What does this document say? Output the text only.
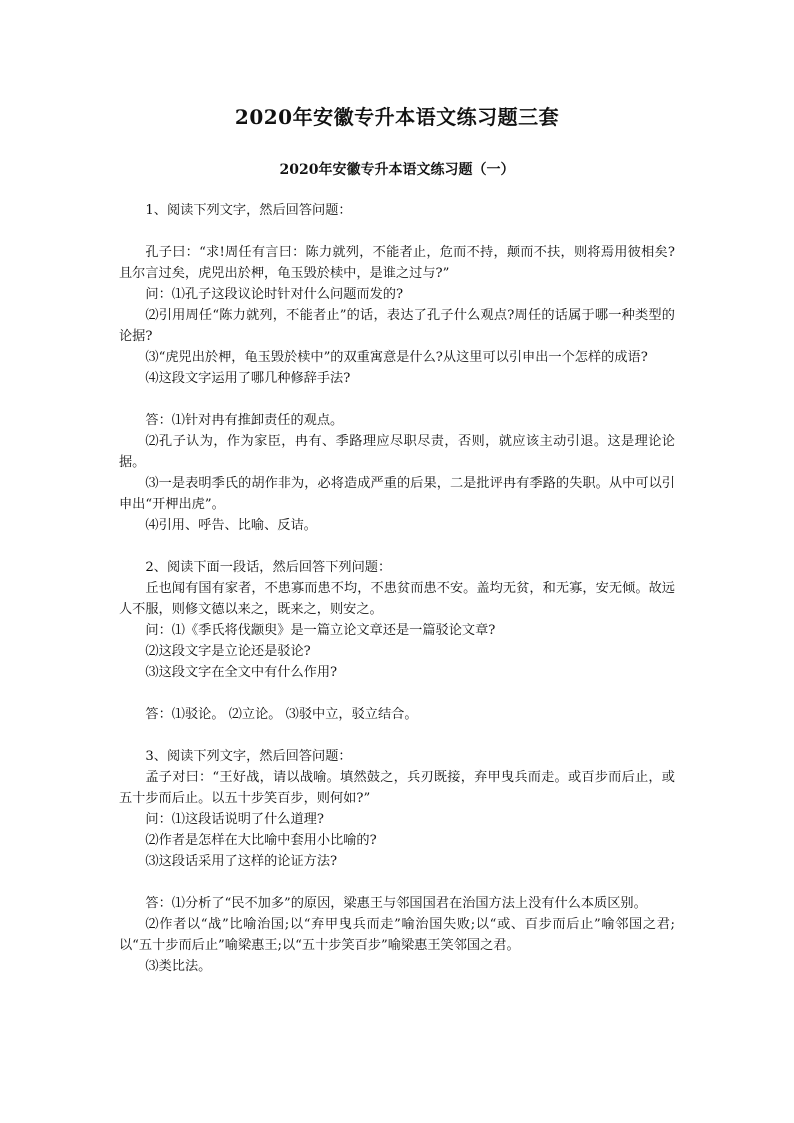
2020年安徽专升本语文练习题三套
2020年安徽专升本语文练习题（一）

1、阅读下列文字，然后回答问题：

孔子曰：“求!周任有言曰：陈力就列，不能者止，危而不持，颠而不扶，则将焉用彼相矣?且尔言过矣，虎兕出於柙，龟玉毁於椟中，是谁之过与?”

问：⑴孔子这段议论时针对什么问题而发的?

⑵引用周任“陈力就列，不能者止”的话，表达了孔子什么观点?周任的话属于哪一种类型的论据?

⑶“虎兕出於柙，龟玉毁於椟中”的双重寓意是什么?从这里可以引申出一个怎样的成语?

⑷这段文字运用了哪几种修辞手法?

答：⑴针对冉有推卸责任的观点。

⑵孔子认为，作为家臣，冉有、季路理应尽职尽责，否则，就应该主动引退。这是理论论据。

⑶一是表明季氏的胡作非为，必将造成严重的后果，二是批评冉有季路的失职。从中可以引申出“开柙出虎”。

⑷引用、呼告、比喻、反诘。

2、阅读下面一段话，然后回答下列问题：

丘也闻有国有家者，不患寡而患不均，不患贫而患不安。盖均无贫，和无寡，安无倾。故远人不服，则修文德以来之，既来之，则安之。

问：⑴《季氏将伐颛臾》是一篇立论文章还是一篇驳论文章?

⑵这段文字是立论还是驳论?

⑶这段文字在全文中有什么作用?

答：⑴驳论。 ⑵立论。 ⑶驳中立，驳立结合。

3、阅读下列文字，然后回答问题：

孟子对曰：“王好战，请以战喻。填然鼓之，兵刃既接，弃甲曳兵而走。或百步而后止，或五十步而后止。以五十步笑百步，则何如?”

问：⑴这段话说明了什么道理?

⑵作者是怎样在大比喻中套用小比喻的?

⑶这段话采用了这样的论证方法?

答：⑴分析了“民不加多”的原因，梁惠王与邻国国君在治国方法上没有什么本质区别。

⑵作者以“战”比喻治国;以“弃甲曳兵而走”喻治国失败;以“或、百步而后止”喻邻国之君;以“五十步而后止”喻梁惠王;以“五十步笑百步”喻梁惠王笑邻国之君。

⑶类比法。
